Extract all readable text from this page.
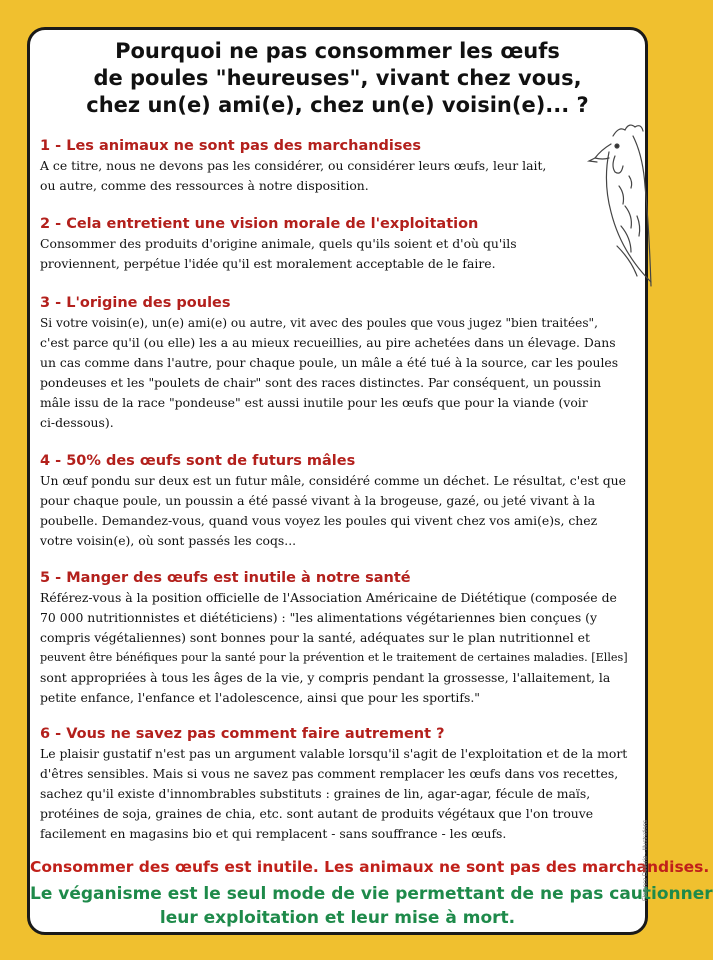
Pourquoi ne pas consommer les œufs
de poules "heureuses", vivant chez vous,
chez un(e) ami(e), chez un(e) voisin(e)... ?
1 - Les animaux ne sont pas des marchandises
A ce titre, nous ne devons pas les considérer, ou considérer leurs œufs, leur lait,
ou autre, comme des ressources à notre disposition.
2 - Cela entretient une vision morale de l'exploitation
Consommer des produits d'origine animale, quels qu'ils soient et d'où qu'ils
proviennent, perpétue l'idée qu'il est moralement acceptable de le faire.
3 - L'origine des poules
Si votre voisin(e), un(e) ami(e) ou autre, vit avec des poules que vous jugez "bien traitées",
c'est parce qu'il (ou elle) les a au mieux recueillies, au pire achetées dans un élevage. Dans
un cas comme dans l'autre, pour chaque poule, un mâle a été tué à la source, car les poules
pondeuses et les "poulets de chair" sont des races distinctes. Par conséquent, un poussin
mâle issu de la race "pondeuse" est aussi inutile pour les œufs que pour la viande (voir
ci-dessous).
4 - 50% des œufs sont de futurs mâles
Un œuf pondu sur deux est un futur mâle, considéré comme un déchet. Le résultat, c'est que
pour chaque poule, un poussin a été passé vivant à la brogeuse, gazé, ou jeté vivant à la
poubelle. Demandez-vous, quand vous voyez les poules qui vivent chez vos ami(e)s, chez
votre voisin(e), où sont passés les coqs...
5 - Manger des œufs est inutile à notre santé
Référez-vous à la position officielle de l'Association Américaine de Diététique (composée de
70 000 nutritionnistes et diététiciens) : "les alimentations végétariennes bien conçues (y
compris végétaliennes) sont bonnes pour la santé, adéquates sur le plan nutritionnel et
peuvent être bénéfiques pour la santé pour la prévention et le traitement de certaines maladies. [Elles]
sont appropriées à tous les âges de la vie, y compris pendant la grossesse, l'allaitement, la
petite enfance, l'enfance et l'adolescence, ainsi que pour les sportifs."
6 - Vous ne savez pas comment faire autrement ?
Le plaisir gustatif n'est pas un argument valable lorsqu'il s'agit de l'exploitation et de la mort
d'êtres sensibles. Mais si vous ne savez pas comment remplacer les œufs dans vos recettes,
sachez qu'il existe d'innombrables substituts : graines de lin, agar-agar, fécule de maïs,
protéines de soja, graines de chia, etc. sont autant de produits végétaux que l'on trouve
facilement en magasins bio et qui remplacent - sans souffrance - les œufs.
Consommer des œufs est inutile. Les animaux ne sont pas des marchandises.
Le véganisme est le seul mode de vie permettant de ne pas cautionner
leur exploitation et leur mise à mort.
Florence Dellerie - Illustrations
